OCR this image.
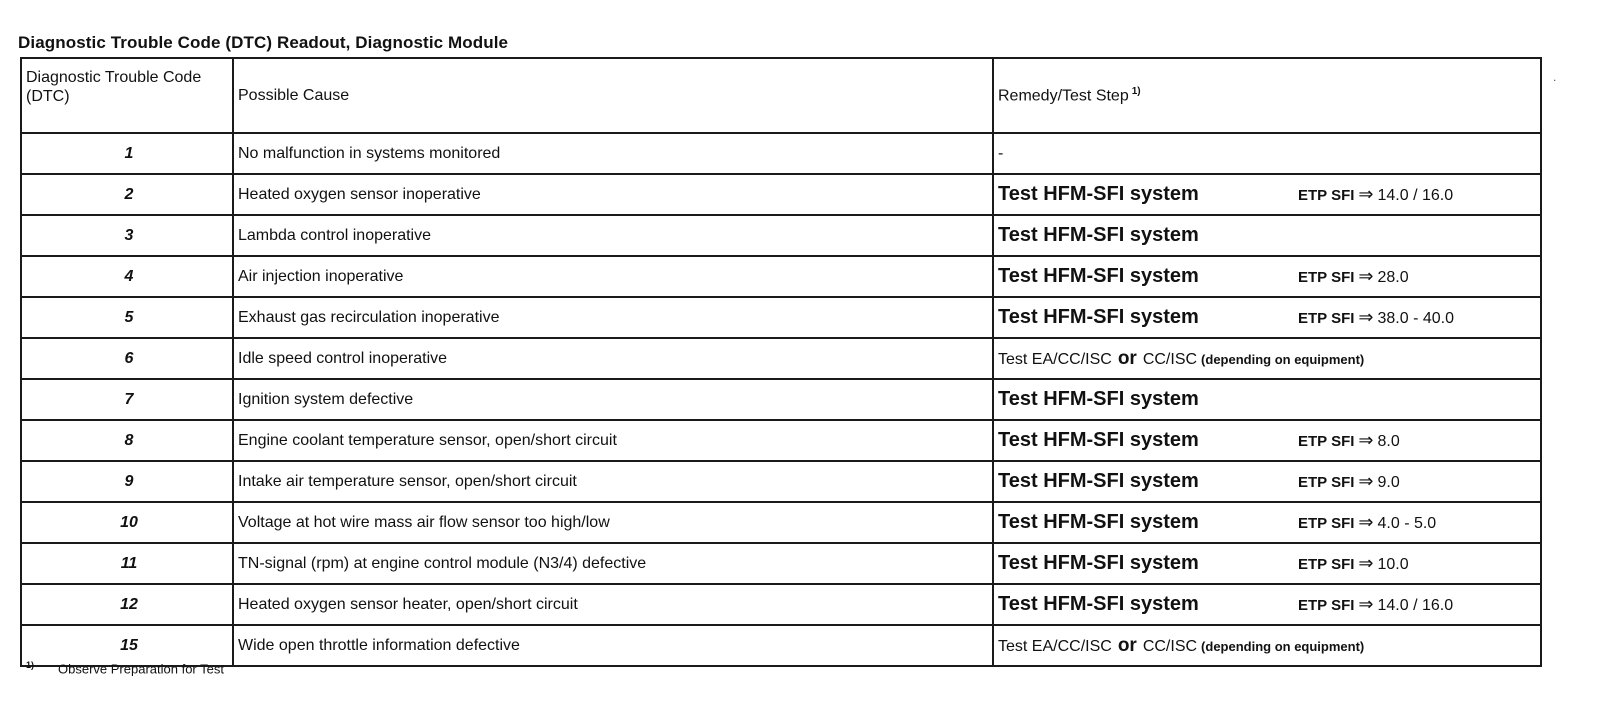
Diagnostic Trouble Code (DTC) Readout, Diagnostic Module
.
Diagnostic Trouble Code (DTC)	Possible Cause	Remedy/Test Step $^{1)}$
1	No malfunction in systems monitored	-
2	Heated oxygen sensor inoperative	Test HFM-SFI system ETP SFI ⇒ 14.0 / 16.0
3	Lambda control inoperative	Test HFM-SFI system
4	Air injection inoperative	Test HFM-SFI system ETP SFI ⇒ 28.0
5	Exhaust gas recirculation inoperative	Test HFM-SFI system ETP SFI ⇒ 38.0 - 40.0
6	Idle speed control inoperative	Test EA/CC/ISC or CC/ISC (depending on equipment)
7	Ignition system defective	Test HFM-SFI system
8	Engine coolant temperature sensor, open/short circuit	Test HFM-SFI system ETP SFI ⇒ 8.0
9	Intake air temperature sensor, open/short circuit	Test HFM-SFI system ETP SFI ⇒ 9.0
10	Voltage at hot wire mass air flow sensor too high/low	Test HFM-SFI system ETP SFI ⇒ 4.0 - 5.0
11	TN-signal (rpm) at engine control module (N3/4) defective	Test HFM-SFI system ETP SFI ⇒ 10.0
12	Heated oxygen sensor heater, open/short circuit	Test HFM-SFI system ETP SFI ⇒ 14.0 / 16.0
15	Wide open throttle information defective	Test EA/CC/ISC or CC/ISC (depending on equipment)
$^{1)}$ Observe Preparation for Test
